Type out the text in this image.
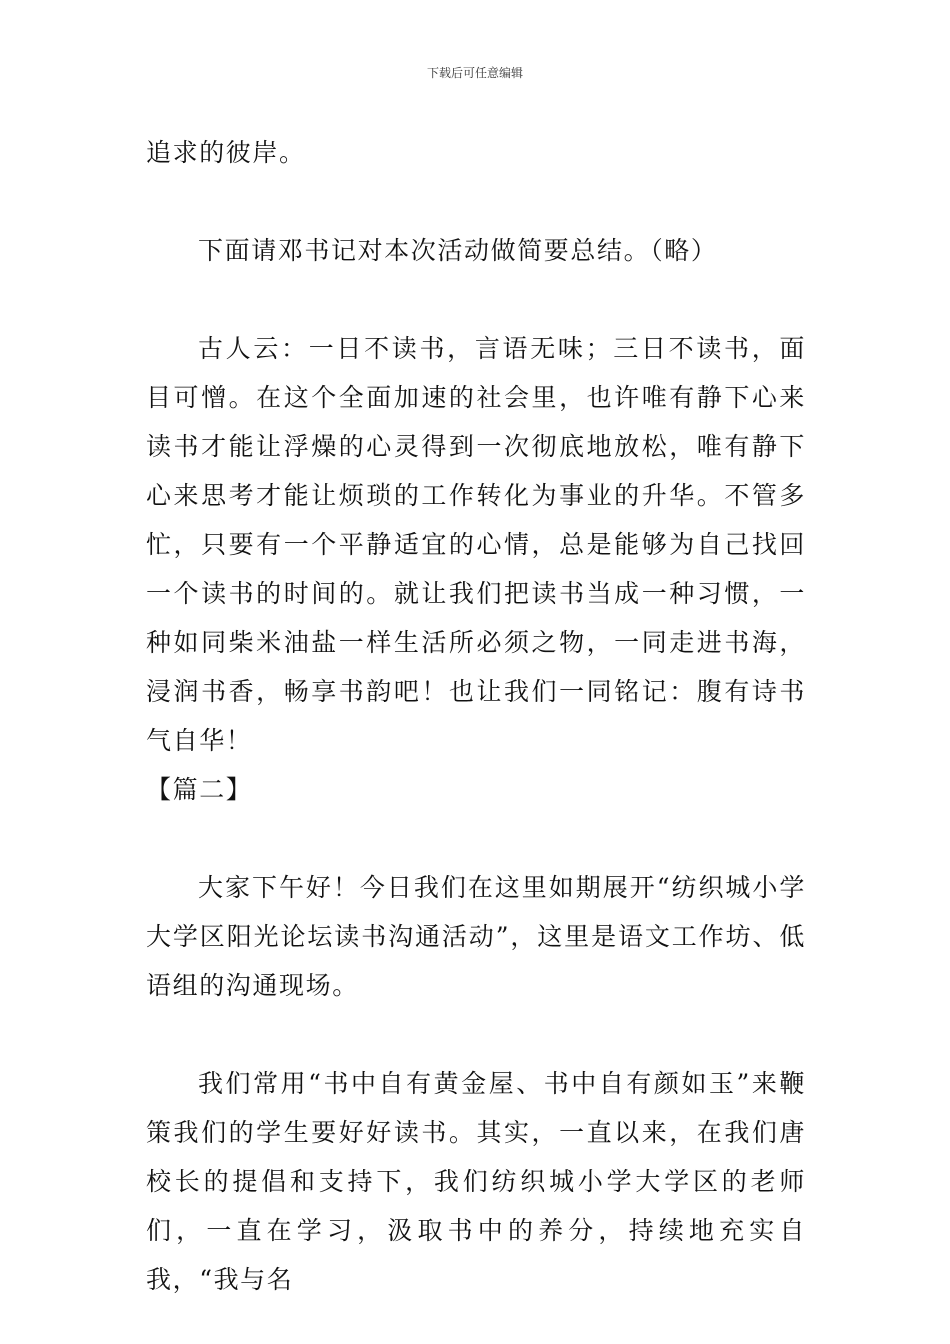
下载后可任意编辑

追求的彼岸。

下面请邓书记对本次活动做简要总结。（略）

古人云：一日不读书，言语无味；三日不读书，面目可憎。在这个全面加速的社会里，也许唯有静下心来读书才能让浮燥的心灵得到一次彻底地放松，唯有静下心来思考才能让烦琐的工作转化为事业的升华。不管多忙，只要有一个平静适宜的心情，总是能够为自己找回一个读书的时间的。就让我们把读书当成一种习惯，一种如同柴米油盐一样生活所必须之物，一同走进书海，浸润书香，畅享书韵吧！也让我们一同铭记：腹有诗书气自华！

【篇二】

大家下午好！今日我们在这里如期展开“纺织城小学大学区阳光论坛读书沟通活动”，这里是语文工作坊、低语组的沟通现场。

我们常用“书中自有黄金屋、书中自有颜如玉”来鞭策我们的学生要好好读书。其实，一直以来，在我们唐校长的提倡和支持下，我们纺织城小学大学区的老师们，一直在学习，汲取书中的养分，持续地充实自我，“我与名
